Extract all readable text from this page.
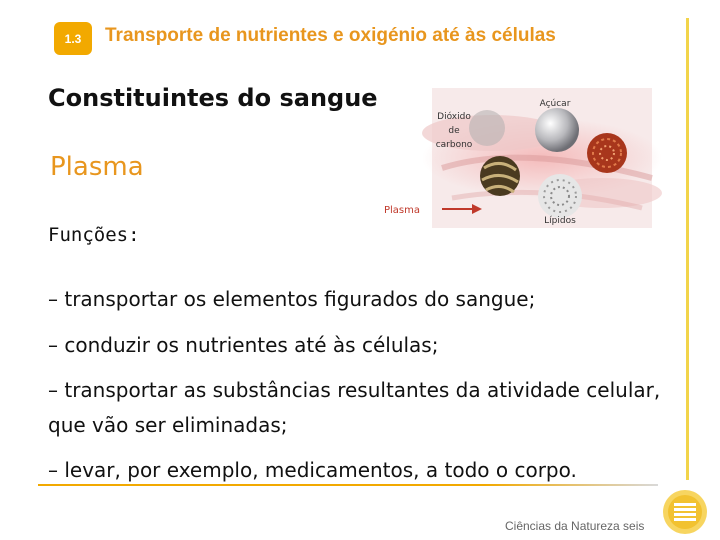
1.3	Transporte de nutrientes e oxigénio até às células
Constituintes do sangue
Plasma
Funções:
Açúcar
Dióxido
de
carbono
Plasma
Lípidos
– transportar os elementos figurados do sangue;
– conduzir os nutrientes até às células;
– transportar as substâncias resultantes da atividade celular, que vão ser eliminadas;
– levar, por exemplo, medicamentos, a todo o corpo.
Ciências da Natureza seis
